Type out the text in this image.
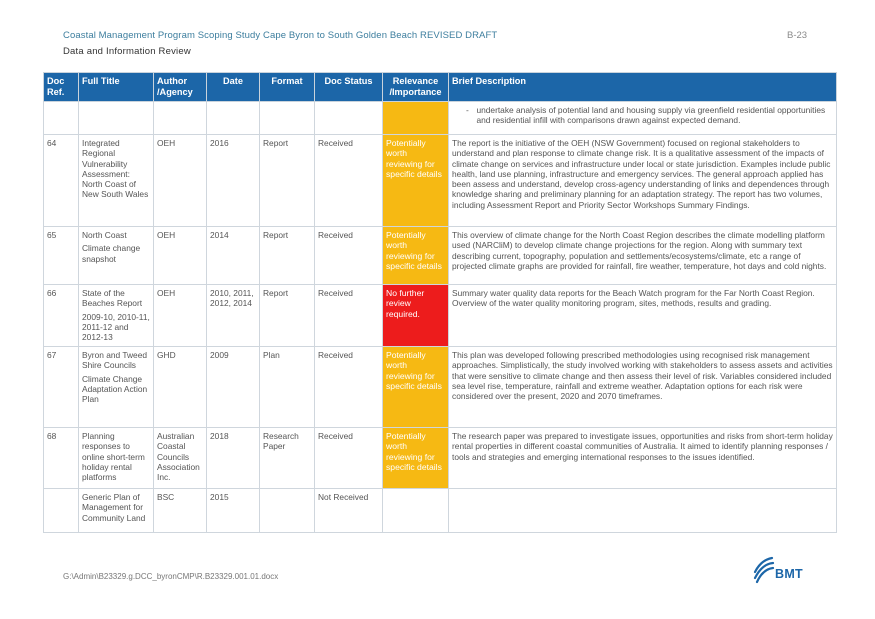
Coastal Management Program Scoping Study Cape Byron to South Golden Beach REVISED DRAFT	B-23
Data and Information Review
Doc Ref.	Full Title	Author /Agency	Date	Format	Doc Status	Relevance /Importance	Brief Description

							- undertake analysis of potential land and housing supply via greenfield residential opportunities and residential infill with comparisons drawn against expected demand.

64	Integrated Regional Vulnerability Assessment: North Coast of New South Wales	OEH	2016	Report	Received	Potentially worth reviewing for specific details	The report is the initiative of the OEH (NSW Government) focused on regional stakeholders to understand and plan response to climate change risk. It is a qualitative assessment of the impacts of climate change on services and infrastructure under local or state jurisdiction. Examples include public health, land use planning, infrastructure and emergency services. The general approach applied has been assess and understand, develop cross-agency understanding of links and dependences through knowledge sharing and preliminary planning for an adaptation strategy. The report has two volumes, including Assessment Report and Priority Sector Workshops Summary Findings.
65	North Coast
Climate change snapshot	OEH	2014	Report	Received	Potentially worth reviewing for specific details	This overview of climate change for the North Coast Region describes the climate modelling platform used (NARCliM) to develop climate change projections for the region. Along with summary text describing current, topography, population and settlements/ecosystems/climate, etc a range of projected climate graphs are provided for rainfall, fire weather, temperature, hot days and cold nights.
66	State of the Beaches Report
2009-10, 2010-11, 2011-12 and 2012-13	OEH	2010, 2011, 2012, 2014	Report	Received	No further review required.	Summary water quality data reports for the Beach Watch program for the Far North Coast Region. Overview of the water quality monitoring program, sites, methods, results and grading.
67	Byron and Tweed Shire Councils
Climate Change Adaptation Action Plan	GHD	2009	Plan	Received	Potentially worth reviewing for specific details	This plan was developed following prescribed methodologies using recognised risk management approaches. Simplistically, the study involved working with stakeholders to assess assets and activities that were sensitive to climate change and then assess their level of risk. Variables considered included sea level rise, temperature, rainfall and extreme weather. Adaptation options for each risk were considered over the present, 2020 and 2070 timeframes.
68	Planning responses to online short-term holiday rental platforms	Australian Coastal Councils Association Inc.	2018	Research Paper	Received	Potentially worth reviewing for specific details	The research paper was prepared to investigate issues, opportunities and risks from short-term holiday rental properties in different coastal communities of Australia. It aimed to identify planning responses / tools and strategies and emerging international responses to the issues identified.
	Generic Plan of Management for Community Land	BSC	2015		Not Received		
G:\Admin\B23329.g.DCC_byronCMP\R.B23329.001.01.docx	BMT
